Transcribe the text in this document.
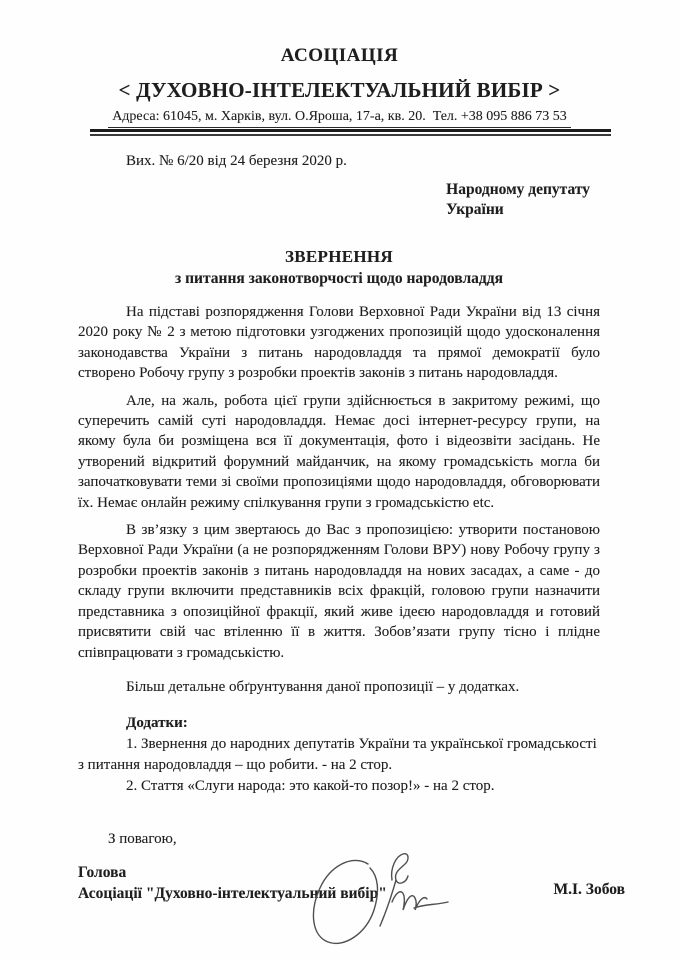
АСОЦІАЦІЯ
< ДУХОВНО-ІНТЕЛЕКТУАЛЬНИЙ ВИБІР >
Адреса: 61045, м. Харків, вул. О.Яроша, 17-а, кв. 20.  Тел. +38 095 886 73 53
Вих. № 6/20 від 24 березня 2020 р.
Народному депутату
України
ЗВЕРНЕННЯ
з питання законотворчості щодо народовладдя

На підставі розпорядження Голови Верховної Ради України від 13 січня 2020 року № 2 з метою підготовки узгоджених пропозицій щодо удосконалення законодавства України з питань народовладдя та прямої демократії було створено Робочу групу з розробки проектів законів з питань народовладдя.

Але, на жаль, робота цієї групи здійснюється в закритому режимі, що суперечить самій суті народовладдя. Немає досі інтернет-ресурсу групи, на якому була би розміщена вся її документація, фото і відеозвіти засідань. Не утворений відкритий форумний майданчик, на якому громадськість могла би започатковувати теми зі своїми пропозиціями щодо народовладдя, обговорювати їх. Немає онлайн режиму спілкування групи з громадськістю etc.

В зв’язку з цим звертаюсь до Вас з пропозицією: утворити постановою Верховної Ради України (а не розпорядженням Голови ВРУ) нову Робочу групу з розробки проектів законів з питань народовладдя на нових засадах, а саме - до складу групи включити представників всіх фракцій, головою групи назначити представника з опозиційної фракції, який живе ідеєю народовладдя и готовий присвятити свій час втіленню її в життя. Зобов’язати групу тісно і плідне співпрацювати з громадськістю.

Більш детальне обґрунтування даної пропозиції – у додатках.

Додатки:

1. Звернення до народних депутатів України та української громадськості з питання народовладдя – що робити. - на 2 стор.

2. Стаття «Слуги народа: это какой-то позор!» - на 2 стор.

З повагою,
Голова
Асоціації "Духовно-інтелектуальний вибір"	М.І. Зобов
